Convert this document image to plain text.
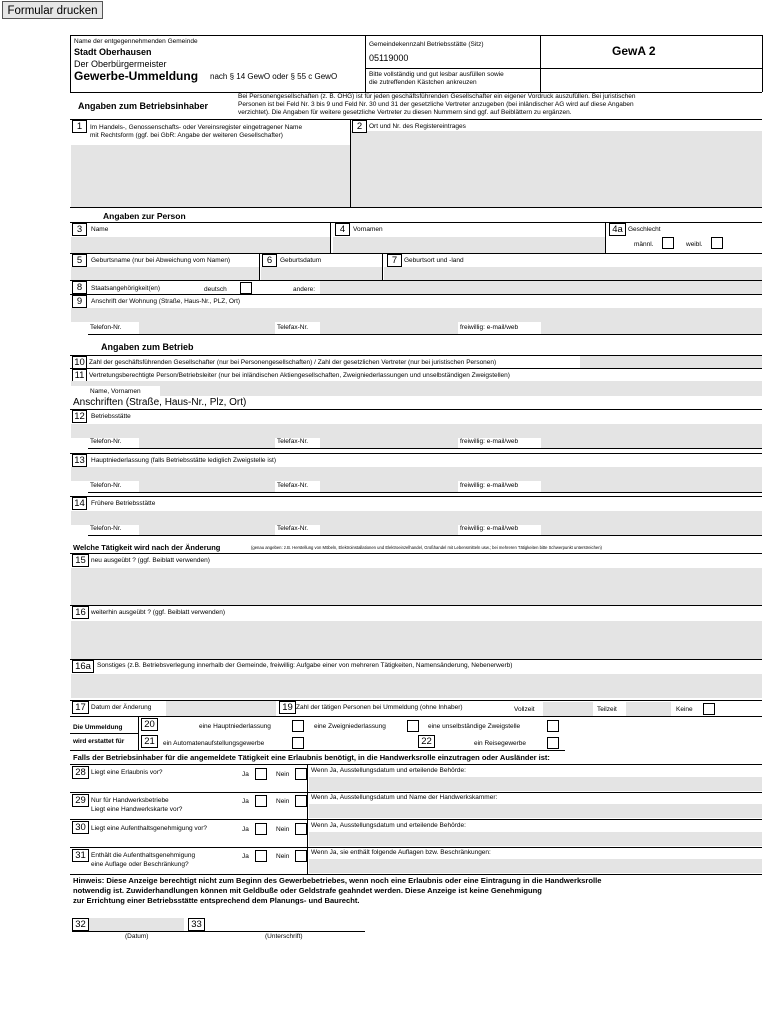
Formular drucken
Name der entgegennehmenden Gemeinde
Stadt Oberhausen
Der Oberbürgermeister
Gewerbe-Ummeldung nach § 14 GewO oder § 55 c GewO
Gemeindekennzahl Betriebsstätte (Sitz)
05119000	GewA 2
Bitte vollständig und gut lesbar ausfüllen sowie
die zutreffenden Kästchen ankreuzen
Angaben zum Betriebsinhaber
Bei Personengesellschaften (z. B. OHG) ist für jeden geschäftsführenden Gesellschafter ein eigener Vordruck auszufüllen. Bei juristischen
Personen ist bei Feld Nr. 3 bis 9 und Feld Nr. 30 und 31 der gesetzliche Vertreter anzugeben (bei inländischer AG wird auf diese Angaben
verzichtet). Die Angaben für weitere gesetzliche Vertreter zu diesen Nummern sind ggf. auf Beiblättern zu ergänzen.
1	Im Handels-, Genossenschafts- oder Vereinsregister eingetragener Name
mit Rechtsform (ggf. bei GbR: Angabe der weiteren Gesellschafter)
2	Ort und Nr. des Registereintrages
Angaben zur Person
3	Name	4	Vornamen	4a Geschlecht
männl.	weibl.
5	Geburtsname (nur bei Abweichung vom Namen)	6	Geburtsdatum	7	Geburtsort und -land
8	Staatsangehörigkeit(en)	deutsch	andere:
9	Anschrift der Wohnung (Straße, Haus-Nr., PLZ, Ort)
Telefon-Nr.	Telefax-Nr.	freiwillig: e-mail/web
Angaben zum Betrieb
10 Zahl der geschäftsführenden Gesellschafter (nur bei Personengesellschaften) / Zahl der gesetzlichen Vertreter (nur bei juristischen Personen)
11 Vertretungsberechtigte Person/Betriebsleiter (nur bei inländischen Aktiengesellschaften, Zweigniederlassungen und unselbständigen Zweigstellen)
Name, Vornamen
Anschriften (Straße, Haus-Nr., Plz, Ort)
12 Betriebsstätte
Telefon-Nr.	Telefax-Nr.	freiwillig: e-mail/web
13 Hauptniederlassung (falls Betriebsstätte lediglich Zweigstelle ist)
Telefon-Nr.	Telefax-Nr.	freiwillig: e-mail/web
14 Frühere Betriebsstätte
Telefon-Nr.	Telefax-Nr.	freiwillig: e-mail/web
Welche Tätigkeit wird nach der Änderung	(genau angeben: z.B. Herstellung von Möbeln, Elektroinstallationen und Elektroeinzelhandel, Großhandel mit Lebensmitteln usw.; bei mehreren Tätigkeiten bitte Schwerpunkt unterstreichen)
15 neu ausgeübt ? (ggf. Beiblatt verwenden)
16 weiterhin ausgeübt ? (ggf. Beiblatt verwenden)
16a Sonstiges (z.B. Betriebsverlegung innerhalb der Gemeinde, freiwillig: Aufgabe einer von mehreren Tätigkeiten, Namensänderung, Nebenerwerb)
17 Datum der Änderung	19 Zahl der tätigen Personen bei Ummeldung (ohne Inhaber)	Vollzeit	Teilzeit	Keine
Die Ummeldung
wird erstattet für
20	eine Hauptniederlassung	eine Zweigniederlassung	eine unselbständige Zweigstelle
21	ein Automatenaufstellungsgewerbe	22	ein Reisegewerbe
Falls der Betriebsinhaber für die angemeldete Tätigkeit eine Erlaubnis benötigt, in die Handwerksrolle einzutragen oder Ausländer ist:
28 Liegt eine Erlaubnis vor?	Ja	Nein
Wenn Ja, Ausstellungsdatum und erteilende Behörde:
29 Nur für Handwerksbetriebe
Liegt eine Handwerkskarte vor?
Ja	Nein
Wenn Ja, Ausstellungsdatum und Name der Handwerkskammer:
30 Liegt eine Aufenthaltsgenehmigung vor?	Ja	Nein
Wenn Ja, Ausstellungsdatum und erteilende Behörde:
31 Enthält die Aufenthaltsgenehmigung
eine Auflage oder Beschränkung?
Ja	Nein
Wenn Ja, sie enthält folgende Auflagen bzw. Beschränkungen:
Hinweis: Diese Anzeige berechtigt nicht zum Beginn des Gewerbebetriebes, wenn noch eine Erlaubnis oder eine Eintragung in die Handwerksrolle
notwendig ist. Zuwiderhandlungen können mit Geldbuße oder Geldstrafe geahndet werden. Diese Anzeige ist keine Genehmigung
zur Errichtung einer Betriebsstätte entsprechend dem Planungs- und Baurecht.
32	33
(Datum)	(Unterschrift)
